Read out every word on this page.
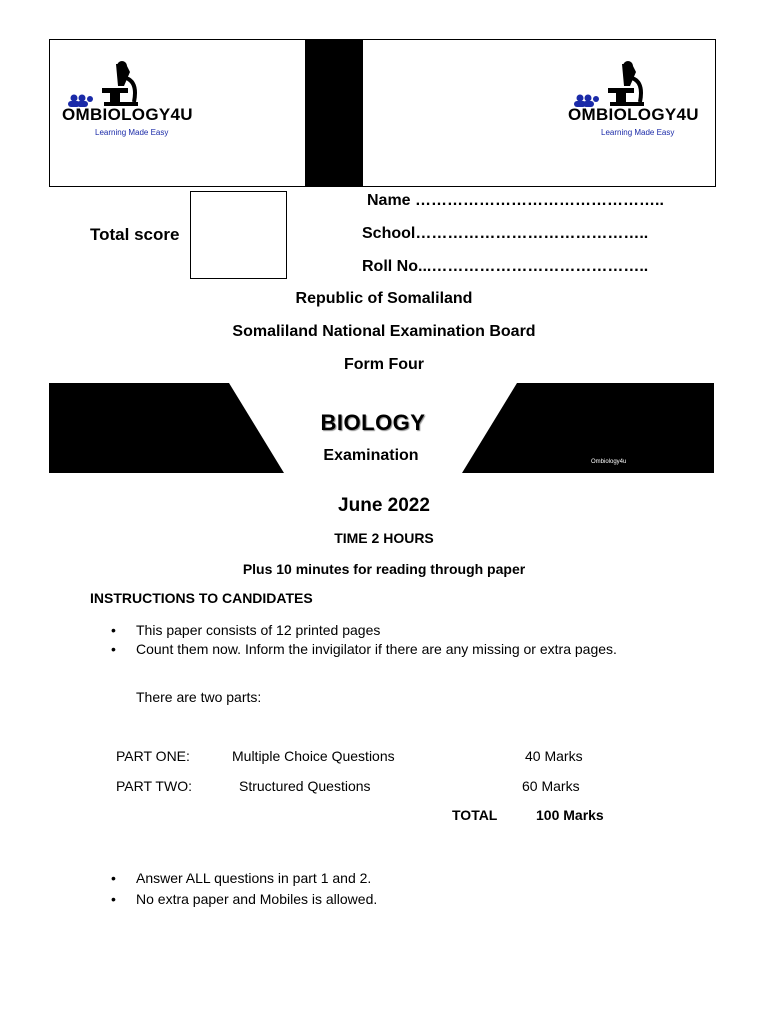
OMBIOLOGY4U
Learning Made Easy
OMBIOLOGY4U
Learning Made Easy
Total score
Name ………………………………………..
School……………………………………..
Roll No...…………………………………..
Republic of Somaliland
Somaliland National Examination Board
Form Four
BIOLOGY
Examination	Ombiology4u
June 2022
TIME 2 HOURS
Plus 10 minutes for reading through paper
INSTRUCTIONS TO CANDIDATES
• This paper consists of 12 printed pages
• Count them now. Inform the invigilator if there are any missing or extra pages.
There are two parts:
PART ONE:	Multiple Choice Questions	40 Marks
PART TWO:	Structured Questions	60 Marks
TOTAL	100 Marks
• Answer ALL questions in part 1 and 2.
• No extra paper and Mobiles is allowed.
